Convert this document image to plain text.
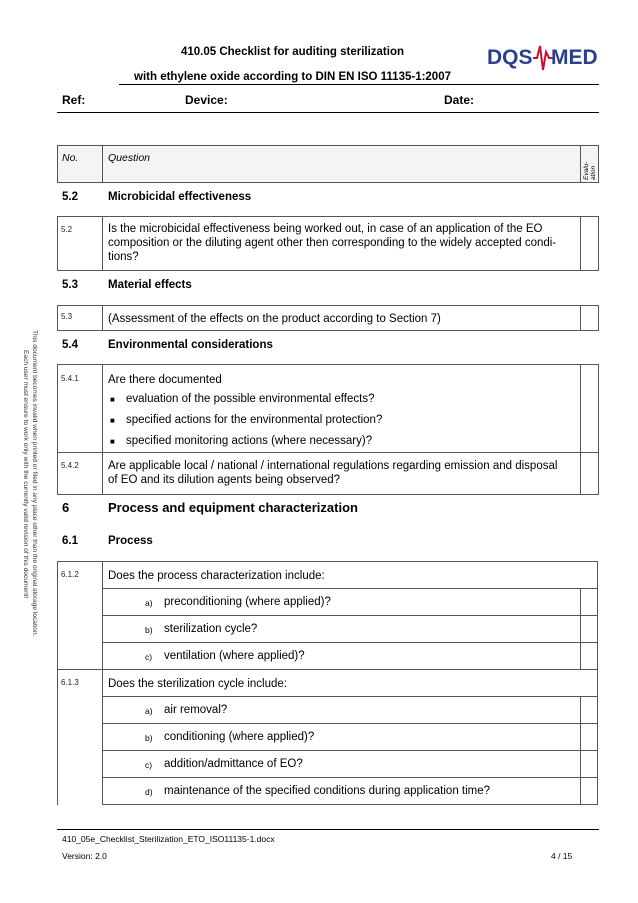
410.05 Checklist for auditing sterilization
with ethylene oxide according to DIN EN ISO 11135-1:2007
DQS MED
Ref:	Device:	Date:
This document becomes invalid when printed or filed in any place other than the original storage location.
Each user must ensure to work only with the currently valid revision of this document!
No.	Question
Evalu- ation
5.2	Microbicidal effectiveness
5.2	Is the microbicidal effectiveness being worked out, in case of an application of the EO
composition or the diluting agent other then corresponding to the widely accepted condi-
tions?
5.3	Material effects
5.3	(Assessment of the effects on the product according to Section 7)
5.4	Environmental considerations
5.4.1	Are there documented
■ evaluation of the possible environmental effects?
■ specified actions for the environmental protection?
■ specified monitoring actions (where necessary)?
5.4.2	Are applicable local / national / international regulations regarding emission and disposal
of EO and its dilution agents being observed?
6	Process and equipment characterization
6.1	Process
6.1.2	Does the process characterization include:
a) preconditioning (where applied)?
b) sterilization cycle?
c) ventilation (where applied)?
6.1.3	Does the sterilization cycle include:
a) air removal?
b) conditioning (where applied)?
c) addition/admittance of EO?
d) maintenance of the specified conditions during application time?
410_05e_Checklist_Sterilization_ETO_ISO11135-1.docx
Version: 2.0	4 / 15
